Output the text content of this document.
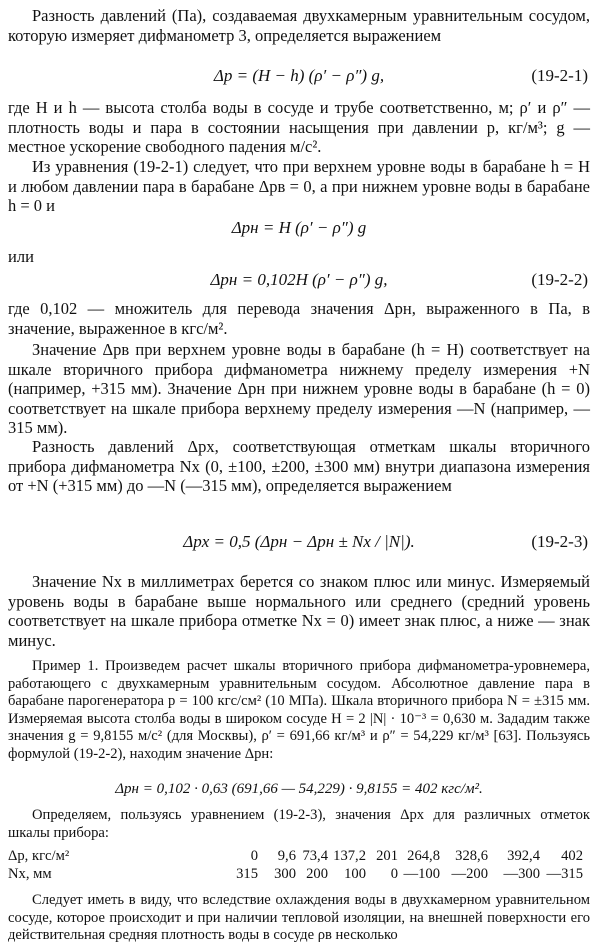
Разность давлений (Па), создаваемая двухкамерным уравнительным сосудом, которую измеряет дифманометр 3, определяется выражением

Δp = (H − h) (ρ′ − ρ″) g,	(19-2-1)

где H и h — высота столба воды в сосуде и трубе соответственно, м; ρ′ и ρ″ — плотность воды и пара в состоянии насыщения при давлении p, кг/м³; g — местное ускорение свободного падения м/с².

Из уравнения (19-2-1) следует, что при верхнем уровне воды в барабане h = H и любом давлении пара в барабане Δpв = 0, а при нижнем уровне воды в барабане h = 0 и

Δpн = H (ρ′ − ρ″) g

или

Δpн = 0,102H (ρ′ − ρ″) g,	(19-2-2)

где 0,102 — множитель для перевода значения Δpн, выраженного в Па, в значение, выраженное в кгс/м².

Значение Δpв при верхнем уровне воды в барабане (h = H) соответствует на шкале вторичного прибора дифманометра нижнему пределу измерения +N (например, +315 мм). Значение Δpн при нижнем уровне воды в барабане (h = 0) соответствует на шкале прибора верхнему пределу измерения —N (например, —315 мм).

Разность давлений Δpx, соответствующая отметкам шкалы вторичного прибора дифманометра Nx (0, ±100, ±200, ±300 мм) внутри диапазона измерения от +N (+315 мм) до —N (—315 мм), определяется выражением

Δpx = 0,5 (Δpн − Δpн ± Nx / |N|).	(19-2-3)

Значение Nx в миллиметрах берется со знаком плюс или минус. Измеряемый уровень воды в барабане выше нормального или среднего (средний уровень соответствует на шкале прибора отметке Nx = 0) имеет знак плюс, а ниже — знак минус.

Пример 1. Произведем расчет шкалы вторичного прибора дифманометра-уровнемера, работающего с двухкамерным уравнительным сосудом. Абсолютное давление пара в барабане парогенератора p = 100 кгс/см² (10 МПа). Шкала вторичного прибора N = ±315 мм. Измеряемая высота столба воды в широком сосуде H = 2 |N| · 10⁻³ = 0,630 м. Зададим также значения g = 9,8155 м/с² (для Москвы), ρ′ = 691,66 кг/м³ и ρ″ = 54,229 кг/м³ [63]. Пользуясь формулой (19-2-2), находим значение Δpн:

Δpн = 0,102 · 0,63 (691,66 — 54,229) · 9,8155 = 402 кгс/м².

Определяем, пользуясь уравнением (19-2-3), значения Δpx для различных отметок шкалы прибора:

Δp, кгс/м²	0	9,6 73,4 137,2 201 264,8	328,6	392,4	402
Nx, мм	315	300 200	100	0 —100 —200 —300 —315

Следует иметь в виду, что вследствие охлаждения воды в двухкамерном уравнительном сосуде, которое происходит и при наличии тепловой изоляции, на внешней поверхности его действительная средняя плотность воды в сосуде ρв несколько
